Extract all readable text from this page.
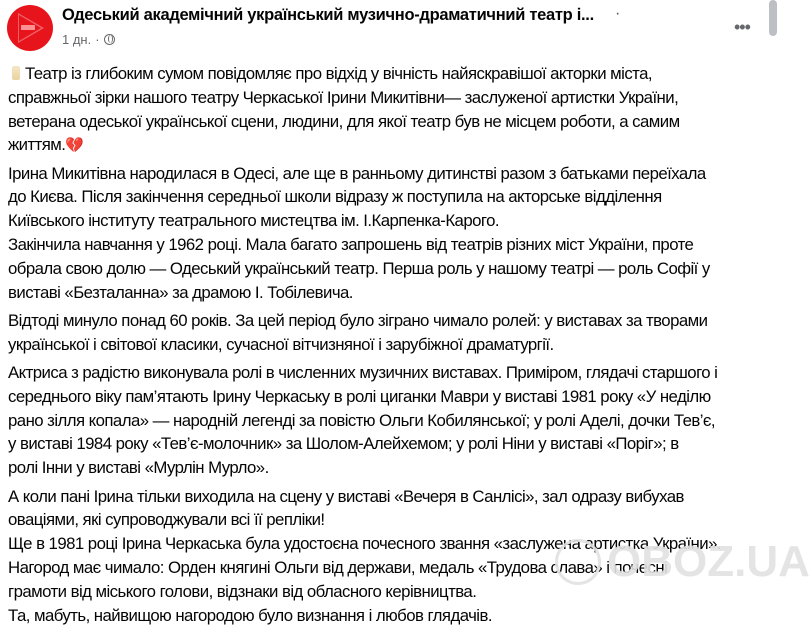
Одеський академічний український музично-драматичний театр і... ·
1 дн. ·
•••
Театр із глибоким сумом повідомляє про відхід у вічність найяскравішої акторки міста,
справжньої зірки нашого театру Черкаської Ірини Микитівни— заслуженої артистки України,
ветерана одеської української сцени, людини, для якої театр був не місцем роботи, а самим
життям.💔
Ірина Микитівна народилася в Одесі, але ще в ранньому дитинстві разом з батьками переїхала
до Києва. Після закінчення середньої школи відразу ж поступила на акторське відділення
Київського інституту театрального мистецтва ім. І.Карпенка-Карого.
Закінчила навчання у 1962 році. Мала багато запрошень від театрів різних міст України, проте
обрала свою долю — Одеський український театр. Перша роль у нашому театрі — роль Софії у
виставі «Безталанна» за драмою І. Тобілевича.
Відтоді минуло понад 60 років. За цей період було зіграно чимало ролей: у виставах за творами
української і світової класики, сучасної вітчизняної і зарубіжної драматургії.
Актриса з радістю виконувала ролі в численних музичних виставах. Приміром, глядачі старшого і
середнього віку пам’ятають Ірину Черкаську в ролі циганки Маври у виставі 1981 року «У неділю
рано зілля копала» — народній легенді за повістю Ольги Кобилянської; у ролі Аделі, дочки Тев’є,
у виставі 1984 року «Тев’є-молочник» за Шолом-Алейхемом; у ролі Ніни у виставі «Поріг»; в
ролі Інни у виставі «Мурлін Мурло».
А коли пані Ірина тільки виходила на сцену у виставі «Вечеря в Санлісі», зал одразу вибухав
оваціями, які супроводжували всі її репліки!
Ще в 1981 році Ірина Черкаська була удостоєна почесного звання «заслужена артистка України».
Нагород має чимало: Орден княгині Ольги від держави, медаль «Трудова слава» і почесні
грамоти від міського голови, відзнаки від обласного керівництва.
Та, мабуть, найвищою нагородою було визнання і любов глядачів.
OBOZ.UA
